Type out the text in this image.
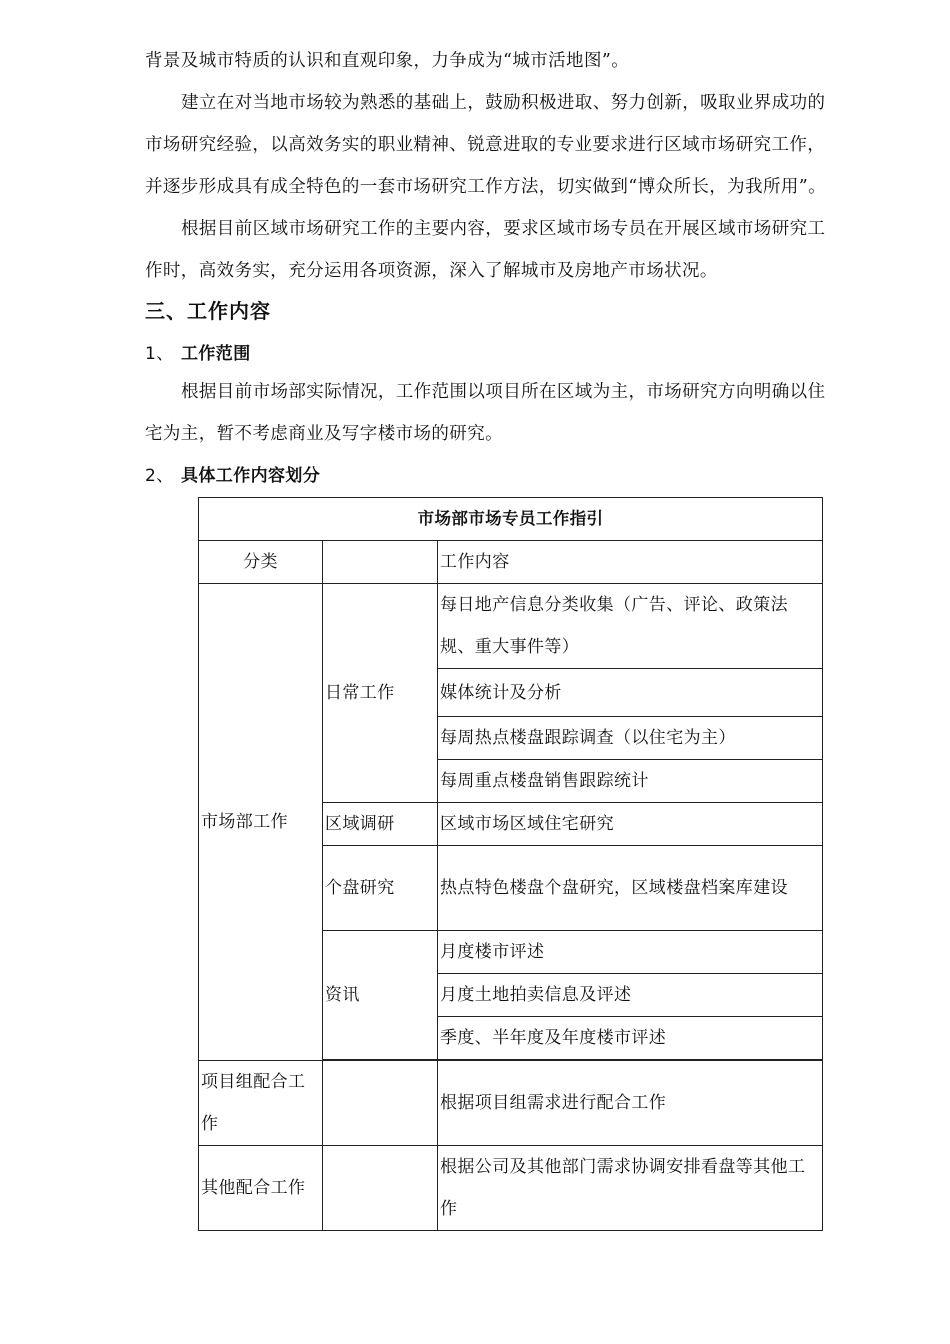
背景及城市特质的认识和直观印象，力争成为“城市活地图”。
建立在对当地市场较为熟悉的基础上，鼓励积极进取、努力创新，吸取业界成功的
市场研究经验，以高效务实的职业精神、锐意进取的专业要求进行区域市场研究工作，
并逐步形成具有成全特色的一套市场研究工作方法，切实做到“博众所长，为我所用”。
根据目前区域市场研究工作的主要内容，要求区域市场专员在开展区域市场研究工
作时，高效务实，充分运用各项资源，深入了解城市及房地产市场状况。
三、工作内容
1、 工作范围
根据目前市场部实际情况，工作范围以项目所在区域为主，市场研究方向明确以住
宅为主，暂不考虑商业及写字楼市场的研究。
2、 具体工作内容划分
市场部市场专员工作指引		
分类		工作内容
市场部工作	日常工作	每日地产信息分类收集（广告、评论、政策法规、重大事件等）
		媒体统计及分析
		每周热点楼盘跟踪调查（以住宅为主）
		每周重点楼盘销售跟踪统计
	区域调研	区域市场区域住宅研究
	个盘研究	热点特色楼盘个盘研究，区域楼盘档案库建设
	资讯	月度楼市评述
		月度土地拍卖信息及评述
		季度、半年度及年度楼市评述

项目组配合工作		根据项目组需求进行配合工作
其他配合工作		根据公司及其他部门需求协调安排看盘等其他工作
